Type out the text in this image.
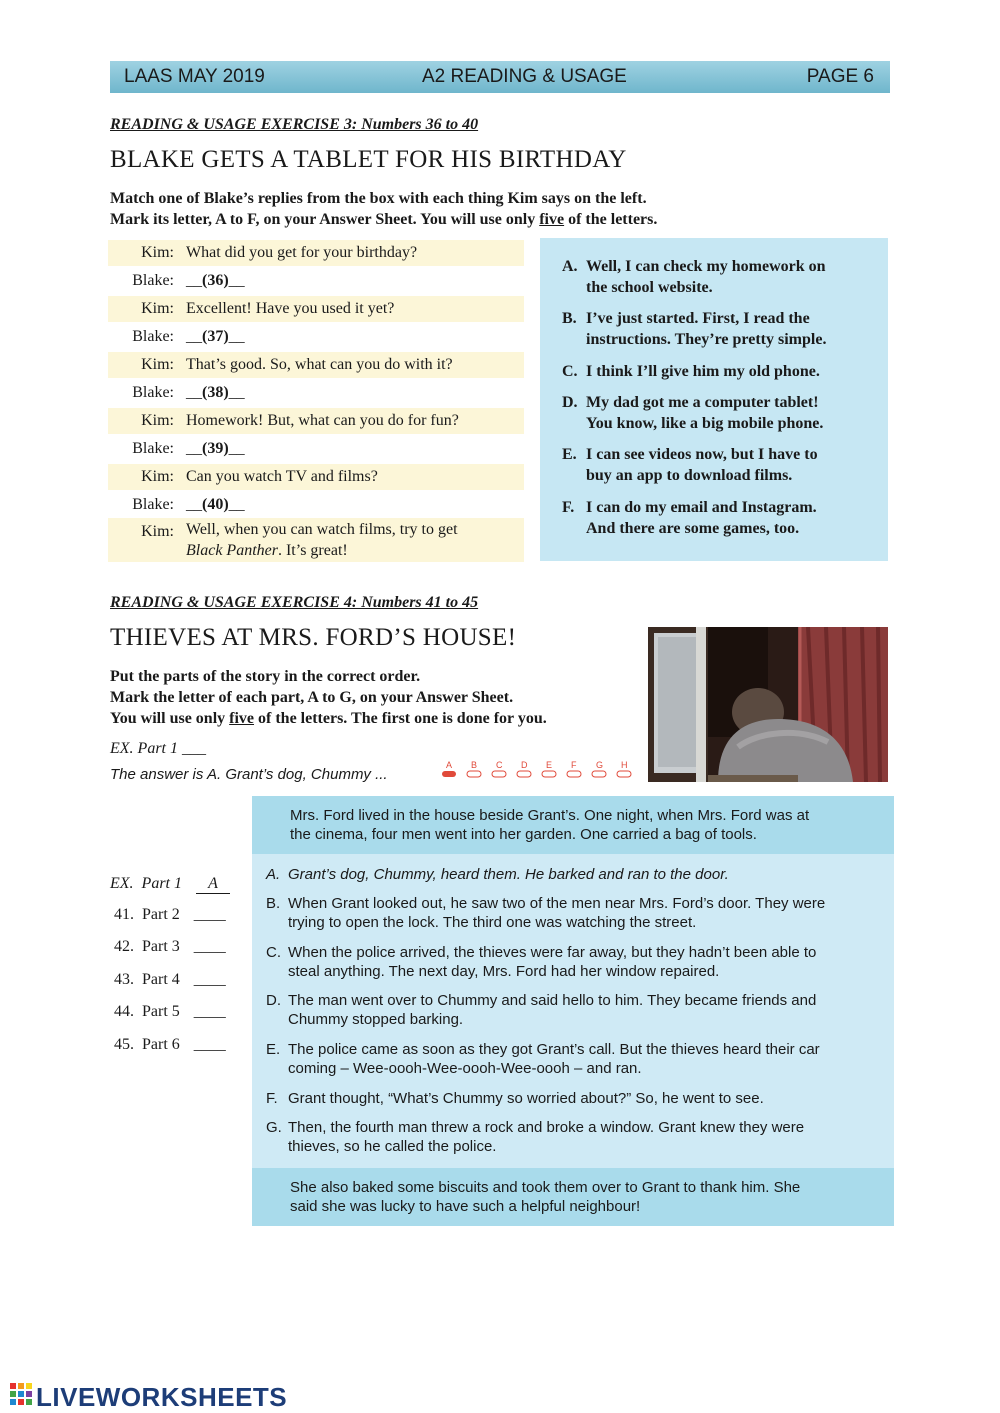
LAAS MAY 2019	A2 READING & USAGE	PAGE 6
READING & USAGE EXERCISE 3: Numbers 36 to 40
BLAKE GETS A TABLET FOR HIS BIRTHDAY
Match one of Blake’s replies from the box with each thing Kim says on the left.
Mark its letter, A to F, on your Answer Sheet. You will use only five of the letters.
Kim: What did you get for your birthday?
Blake: __(36)__
Kim: Excellent! Have you used it yet?
Blake: __(37)__
Kim: That’s good. So, what can you do with it?
Blake: __(38)__
Kim: Homework! But, what can you do for fun?
Blake: __(39)__
Kim: Can you watch TV and films?
Blake: __(40)__
Kim: Well, when you can watch films, try to get
Black Panther. It’s great!
A. Well, I can check my homework on
the school website.
B. I’ve just started. First, I read the
instructions. They’re pretty simple.
C. I think I’ll give him my old phone.
D. My dad got me a computer tablet!
You know, like a big mobile phone.
E. I can see videos now, but I have to
buy an app to download films.
F. I can do my email and Instagram.
And there are some games, too.
READING & USAGE EXERCISE 4: Numbers 41 to 45
THIEVES AT MRS. FORD’S HOUSE!
Put the parts of the story in the correct order.
Mark the letter of each part, A to G, on your Answer Sheet.
You will use only five of the letters. The first one is done for you.
EX. Part 1 ___
The answer is A. Grant’s dog, Chummy ...
A B C D E F G H
EX. Part 1 A
41. Part 2 ____
42. Part 3 ____
43. Part 4 ____
44. Part 5 ____
45. Part 6 ____
Mrs. Ford lived in the house beside Grant’s. One night, when Mrs. Ford was at
the cinema, four men went into her garden. One carried a bag of tools.
She also baked some biscuits and took them over to Grant to thank him. She
said she was lucky to have such a helpful neighbour!
A. Grant’s dog, Chummy, heard them. He barked and ran to the door.
B. When Grant looked out, he saw two of the men near Mrs. Ford’s door. They were
trying to open the lock. The third one was watching the street.
C. When the police arrived, the thieves were far away, but they hadn’t been able to
steal anything. The next day, Mrs. Ford had her window repaired.
D. The man went over to Chummy and said hello to him. They became friends and
Chummy stopped barking.
E. The police came as soon as they got Grant’s call. But the thieves heard their car
coming – Wee-oooh-Wee-oooh-Wee-oooh – and ran.
F. Grant thought, “What’s Chummy so worried about?” So, he went to see.
G. Then, the fourth man threw a rock and broke a window. Grant knew they were
thieves, so he called the police.
LIVEWORKSHEETS
